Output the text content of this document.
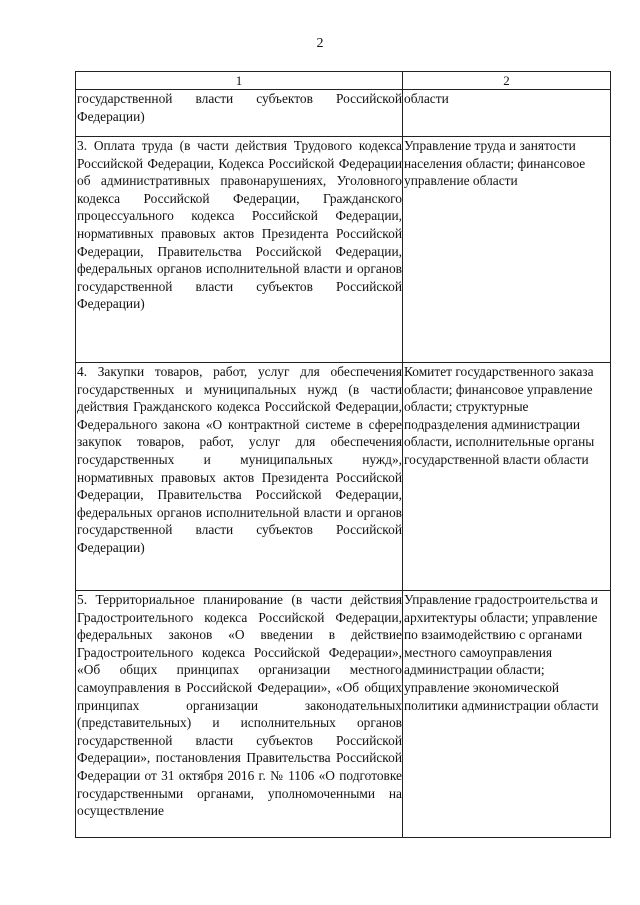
2
1	2

государственной власти субъектов Российской Федерации)	области

3. Оплата труда (в части действия Трудового кодекса Российской Федерации, Кодекса Российской Федерации об административных правонарушениях, Уголовного кодекса Российской Федерации, Гражданского процессуального кодекса Российской Федерации, нормативных правовых актов Президента Российской Федерации, Правительства Российской Федерации, федеральных органов исполнительной власти и органов государственной власти субъектов Российской Федерации)	Управление труда и занятости населения области; финансовое управление области

4. Закупки товаров, работ, услуг для обеспечения государственных и муниципальных нужд (в части действия Гражданского кодекса Российской Федерации, Федерального закона «О контрактной системе в сфере закупок товаров, работ, услуг для обеспечения государственных и муниципальных нужд», нормативных правовых актов Президента Российской Федерации, Правительства Российской Федерации, федеральных органов исполнительной власти и органов государственной власти субъектов Российской Федерации)	Комитет государственного заказа области; финансовое управление области; структурные подразделения администрации области, исполнительные органы государственной власти области

5. Территориальное планирование (в части действия Градостроительного кодекса Российской Федерации, федеральных законов «О введении в действие Градостроительного кодекса Российской Федерации», «Об общих принципах организации местного самоуправления в Российской Федерации», «Об общих принципах организации законодательных (представительных) и исполнительных органов государственной власти субъектов Российской Федерации», постановления Правительства Российской Федерации от 31 октября 2016 г. № 1106 «О подготовке государственными органами, уполномоченными на осуществление	Управление градостроительства и архитектуры области; управление по взаимодействию с органами местного самоуправления администрации области; управление экономической политики администрации области
